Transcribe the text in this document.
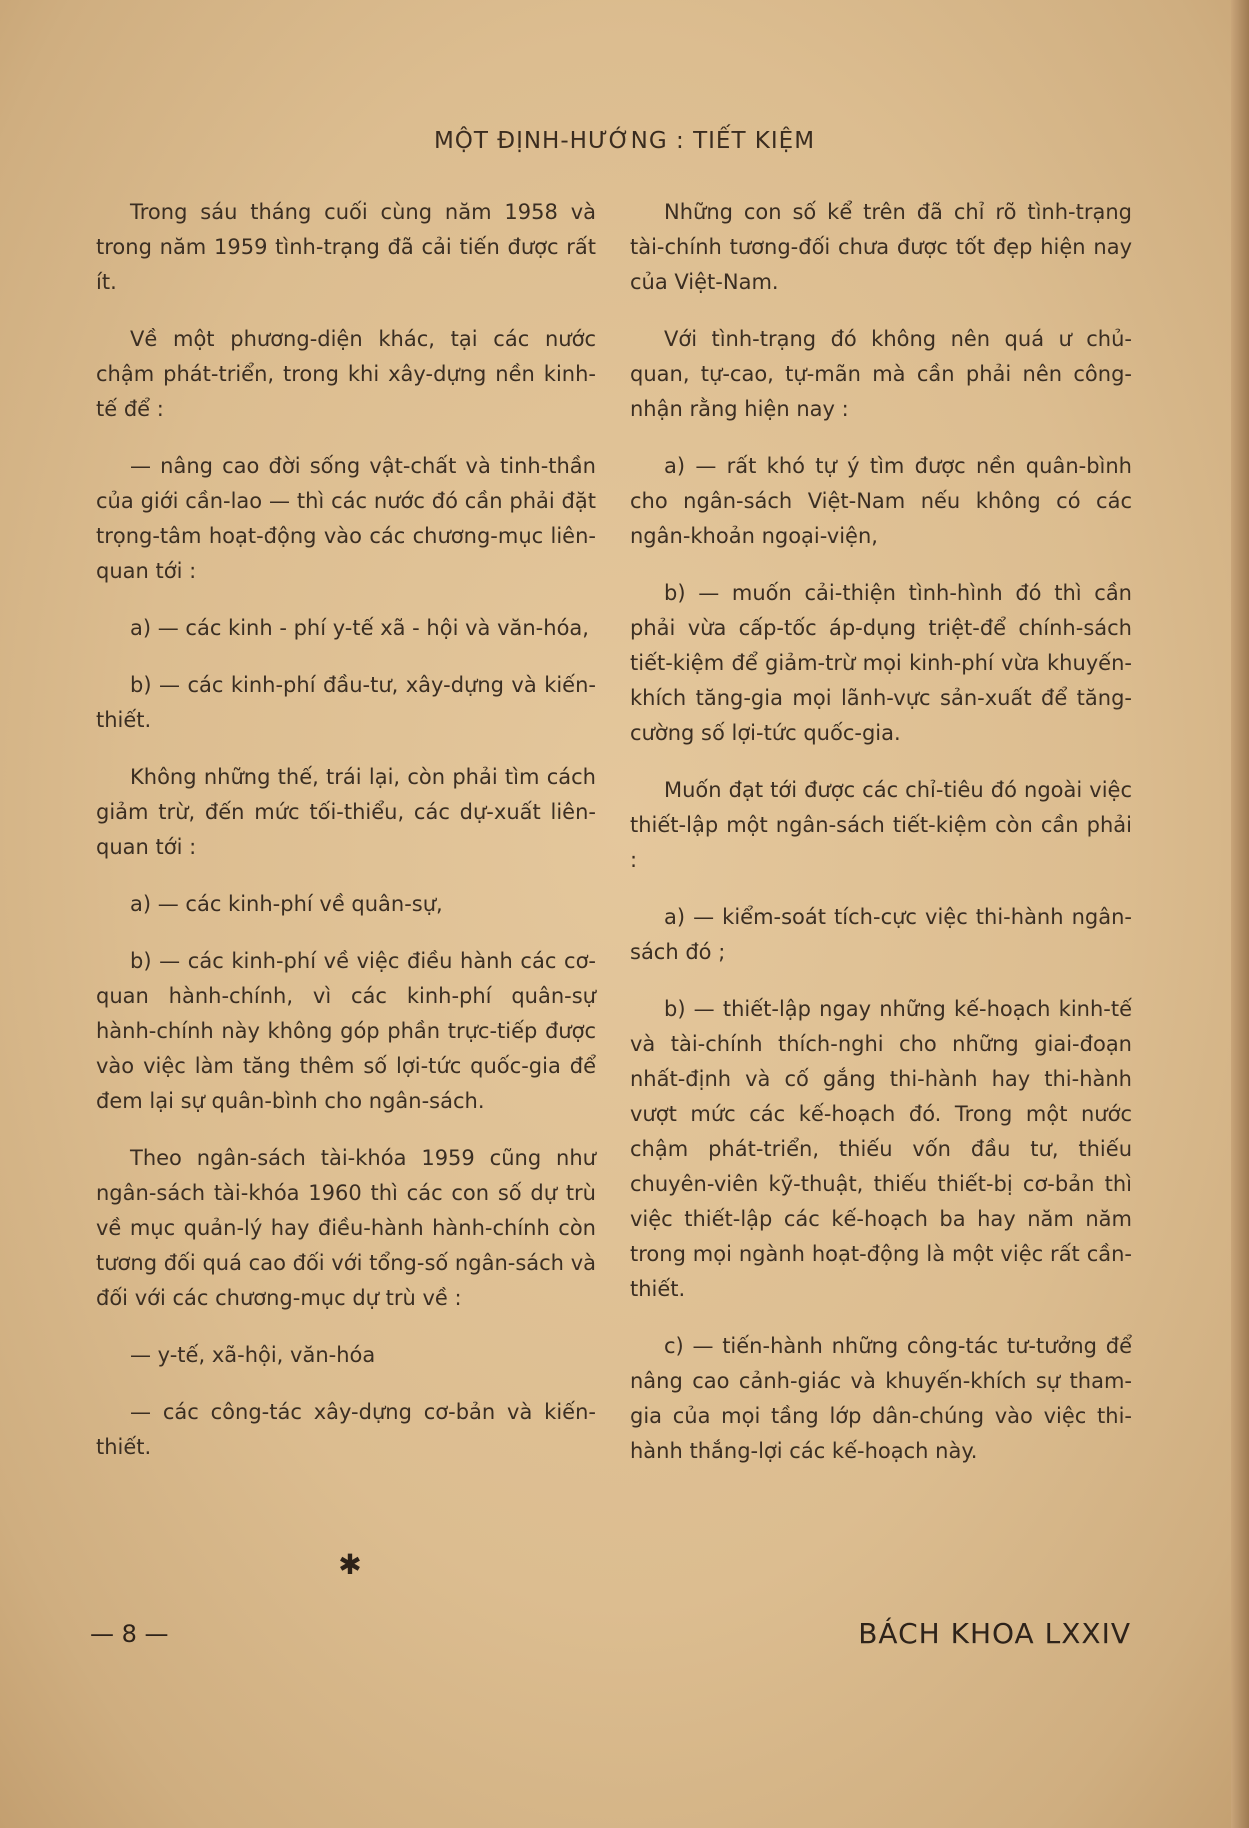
MỘT ĐỊNH-HƯỚNG : TIẾT KIỆM

Trong sáu tháng cuối cùng năm 1958 và trong năm 1959 tình-trạng đã cải tiến được rất ít.

Về một phương-diện khác, tại các nước chậm phát-triển, trong khi xây-dựng nền kinh-tế để :

— nâng cao đời sống vật-chất và tinh-thần của giới cần-lao — thì các nước đó cần phải đặt trọng-tâm hoạt-động vào các chương-mục liên-quan tới :

a) — các kinh - phí y-tế xã - hội và văn-hóa,

b) — các kinh-phí đầu-tư, xây-dựng và kiến-thiết.

Không những thế, trái lại, còn phải tìm cách giảm trừ, đến mức tối-thiểu, các dự-xuất liên-quan tới :

a) — các kinh-phí về quân-sự,

b) — các kinh-phí về việc điều hành các cơ-quan hành-chính, vì các kinh-phí quân-sự hành-chính này không góp phần trực-tiếp được vào việc làm tăng thêm số lợi-tức quốc-gia để đem lại sự quân-bình cho ngân-sách.

Theo ngân-sách tài-khóa 1959 cũng như ngân-sách tài-khóa 1960 thì các con số dự trù về mục quản-lý hay điều-hành hành-chính còn tương đối quá cao đối với tổng-số ngân-sách và đối với các chương-mục dự trù về :

— y-tế, xã-hội, văn-hóa

— các công-tác xây-dựng cơ-bản và kiến-thiết.

Những con số kể trên đã chỉ rõ tình-trạng tài-chính tương-đối chưa được tốt đẹp hiện nay của Việt-Nam.

Với tình-trạng đó không nên quá ư chủ-quan, tự-cao, tự-mãn mà cần phải nên công-nhận rằng hiện nay :

a) — rất khó tự ý tìm được nền quân-bình cho ngân-sách Việt-Nam nếu không có các ngân-khoản ngoại-viện,

b) — muốn cải-thiện tình-hình đó thì cần phải vừa cấp-tốc áp-dụng triệt-để chính-sách tiết-kiệm để giảm-trừ mọi kinh-phí vừa khuyến-khích tăng-gia mọi lãnh-vực sản-xuất để tăng-cường số lợi-tức quốc-gia.

Muốn đạt tới được các chỉ-tiêu đó ngoài việc thiết-lập một ngân-sách tiết-kiệm còn cần phải :

a) — kiểm-soát tích-cực việc thi-hành ngân-sách đó ;

b) — thiết-lập ngay những kế-hoạch kinh-tế và tài-chính thích-nghi cho những giai-đoạn nhất-định và cố gắng thi-hành hay thi-hành vượt mức các kế-hoạch đó. Trong một nước chậm phát-triển, thiếu vốn đầu tư, thiếu chuyên-viên kỹ-thuật, thiếu thiết-bị cơ-bản thì việc thiết-lập các kế-hoạch ba hay năm năm trong mọi ngành hoạt-động là một việc rất cần-thiết.

c) — tiến-hành những công-tác tư-tưởng để nâng cao cảnh-giác và khuyến-khích sự tham-gia của mọi tầng lớp dân-chúng vào việc thi-hành thắng-lợi các kế-hoạch này.

✱
— 8 —	BÁCH KHOA LXXIV
